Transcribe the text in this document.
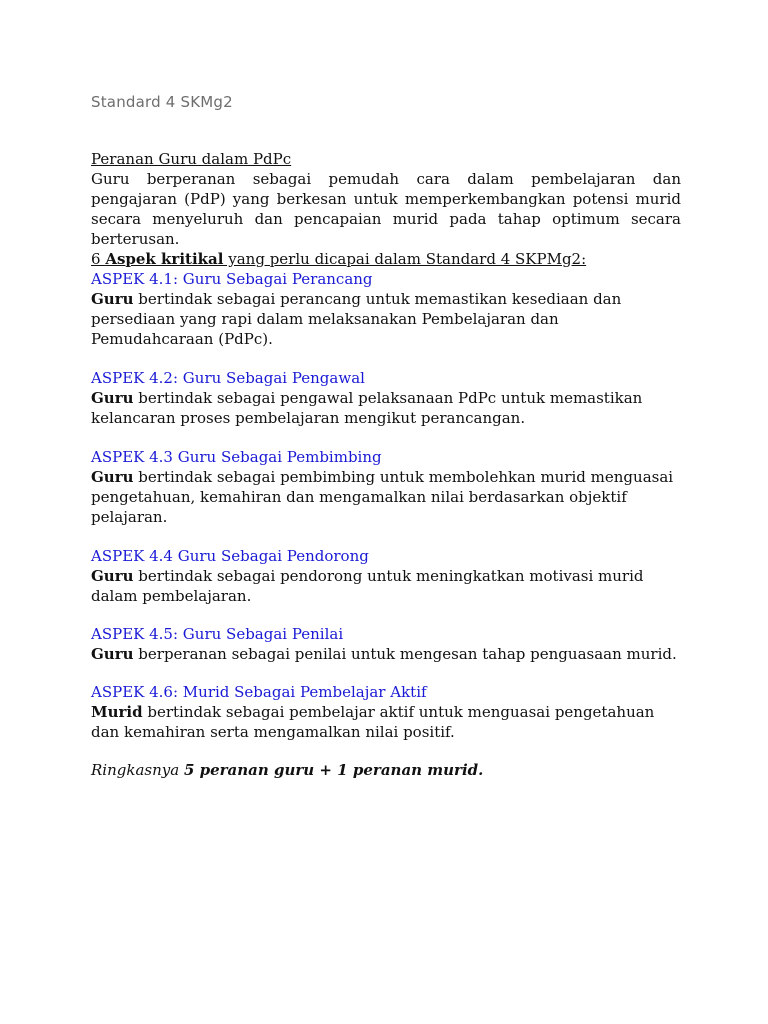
Standard 4 SKMg2
Peranan Guru dalam PdPc
Guru berperanan sebagai pemudah cara dalam pembelajaran dan pengajaran (PdP) yang berkesan untuk memperkembangkan potensi murid secara menyeluruh dan pencapaian murid pada tahap optimum secara berterusan.
6 Aspek kritikal yang perlu dicapai dalam Standard 4 SKPMg2:
ASPEK 4.1: Guru Sebagai Perancang
Guru bertindak sebagai perancang untuk memastikan kesediaan dan persediaan yang rapi dalam melaksanakan Pembelajaran dan Pemudahcaraan (PdPc).
ASPEK 4.2: Guru Sebagai Pengawal
Guru bertindak sebagai pengawal pelaksanaan PdPc untuk memastikan kelancaran proses pembelajaran mengikut perancangan.
ASPEK 4.3 Guru Sebagai Pembimbing
Guru bertindak sebagai pembimbing untuk membolehkan murid menguasai pengetahuan, kemahiran dan mengamalkan nilai berdasarkan objektif pelajaran.
ASPEK 4.4 Guru Sebagai Pendorong
Guru bertindak sebagai pendorong untuk meningkatkan motivasi murid dalam pembelajaran.
ASPEK 4.5: Guru Sebagai Penilai
Guru berperanan sebagai penilai untuk mengesan tahap penguasaan murid.
ASPEK 4.6: Murid Sebagai Pembelajar Aktif
Murid bertindak sebagai pembelajar aktif untuk menguasai pengetahuan dan kemahiran serta mengamalkan nilai positif.
Ringkasnya 5 peranan guru + 1 peranan murid.
